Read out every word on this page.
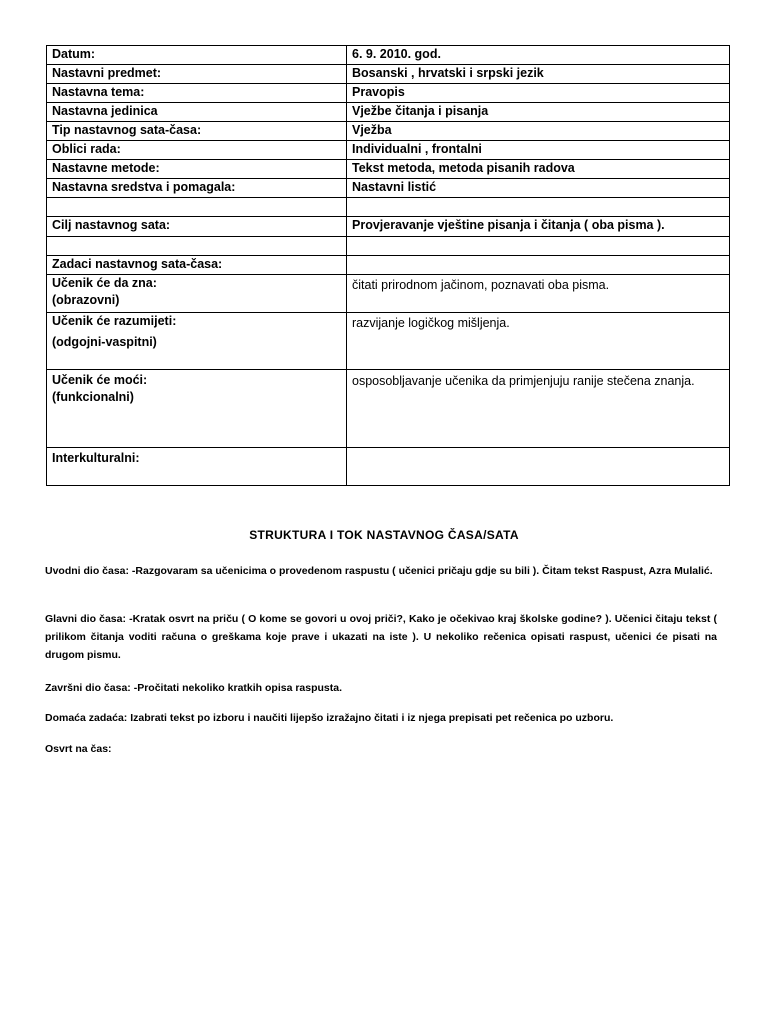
Datum:	6. 9. 2010. god.
Nastavni predmet:	Bosanski , hrvatski i srpski jezik
Nastavna tema:	Pravopis
Nastavna jedinica	Vježbe čitanja i pisanja
Tip nastavnog sata-časa:	Vježba
Oblici rada:	Individualni , frontalni
Nastavne metode:	Tekst metoda, metoda pisanih radova
Nastavna sredstva i pomagala:	Nastavni listić

Cilj nastavnog sata:	Provjeravanje vještine pisanja i čitanja ( oba pisma ).

Zadaci nastavnog sata-časa:	

Učenik će da zna:
(obrazovni)	čitati prirodnom jačinom, poznavati oba pisma.

Učenik će razumijeti:
(odgojni-vaspitni)	razvijanje logičkog mišljenja.

Učenik će moći:
(funkcionalni)	osposobljavanje učenika da primjenjuju ranije stečena znanja.

Interkulturalni:	

STRUKTURA I TOK NASTAVNOG ČASA/SATA
Uvodni dio časa: -Razgovaram sa učenicima o provedenom raspustu ( učenici pričaju gdje su bili ). Čitam tekst Raspust, Azra Mulalić.
Glavni dio časa: -Kratak osvrt na priču ( O kome se govori u ovoj priči?, Kako je očekivao kraj školske godine? ). Učenici čitaju tekst ( prilikom čitanja voditi računa o greškama koje prave i ukazati na iste ). U nekoliko rečenica opisati raspust, učenici će pisati na drugom pismu.
Završni dio časa: -Pročitati nekoliko kratkih opisa raspusta.
Domaća zadaća: Izabrati tekst po izboru i naučiti lijepšo izražajno čitati i iz njega prepisati pet rečenica po uzboru.
Osvrt na čas:
